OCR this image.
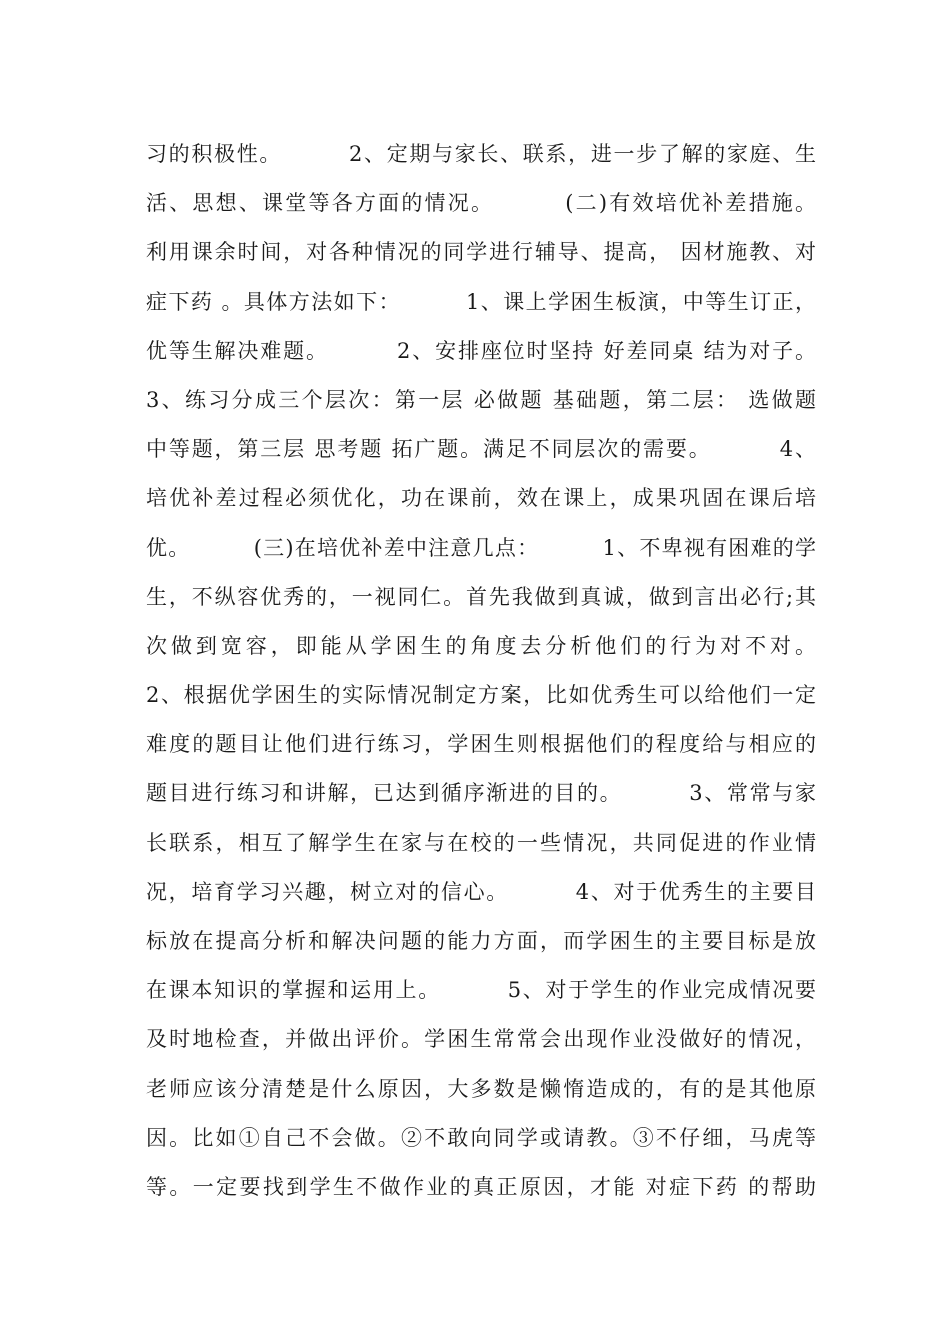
习的积极性。        2、定期与家长、联系，进一步了解的家庭、生
活、思想、课堂等各方面的情况。        (二)有效培优补差措施。
利用课余时间，对各种情况的同学进行辅导、提高， 因材施教、对
症下药 。具体方法如下：        1、课上学困生板演，中等生订正，
优等生解决难题。        2、安排座位时坚持 好差同桌 结为对子。
3、练习分成三个层次：第一层 必做题 基础题，第二层： 选做题
中等题，第三层 思考题 拓广题。满足不同层次的需要。        4、
培优补差过程必须优化，功在课前，效在课上，成果巩固在课后培
优。        (三)在培优补差中注意几点：        1、不卑视有困难的学
生，不纵容优秀的，一视同仁。首先我做到真诚，做到言出必行;其
次做到宽容，即能从学困生的角度去分析他们的行为对不对。
2、根据优学困生的实际情况制定方案，比如优秀生可以给他们一定
难度的题目让他们进行练习，学困生则根据他们的程度给与相应的
题目进行练习和讲解，已达到循序渐进的目的。        3、常常与家
长联系，相互了解学生在家与在校的一些情况，共同促进的作业情
况，培育学习兴趣，树立对的信心。        4、对于优秀生的主要目
标放在提高分析和解决问题的能力方面，而学困生的主要目标是放
在课本知识的掌握和运用上。        5、对于学生的作业完成情况要
及时地检查，并做出评价。学困生常常会出现作业没做好的情况，
老师应该分清楚是什么原因，大多数是懒惰造成的，有的是其他原
因。比如①自己不会做。②不敢向同学或请教。③不仔细，马虎等
等。一定要找到学生不做作业的真正原因，才能 对症下药 的帮助
